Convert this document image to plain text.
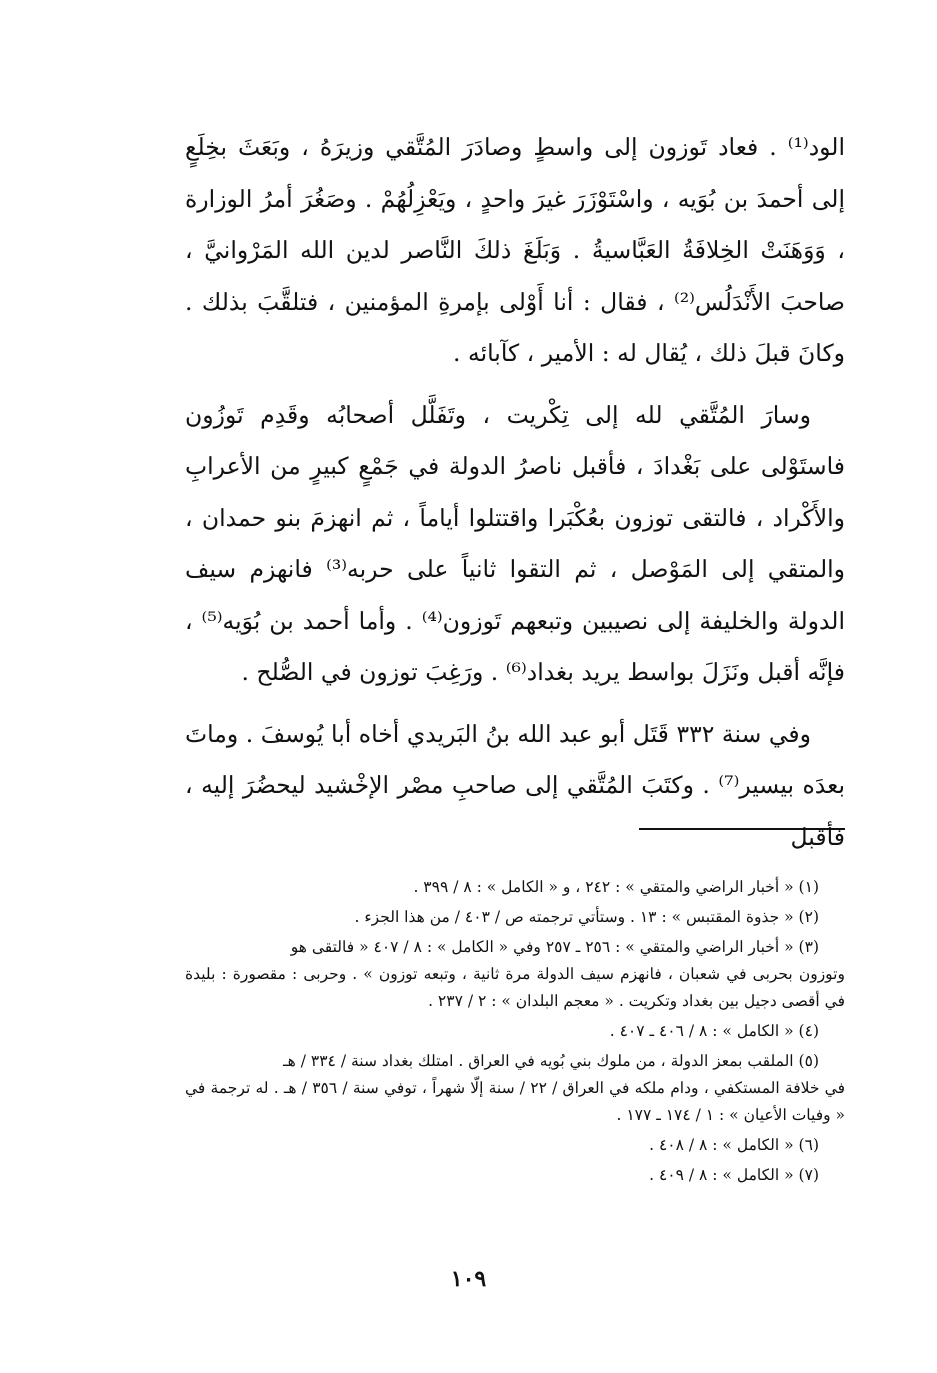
الود⁽¹⁾ . فعاد تَوزون إلى واسطٍ وصادَرَ المُتَّقي وزيرَهُ ، وبَعَثَ بخِلَعٍ إلى أحمدَ بن بُوَيه ، واسْتَوْزَرَ غيرَ واحدٍ ، ويَعْزِلُهُمْ . وصَغُرَ أمرُ الوزارة ، وَوَهَنَتْ الخِلافَةُ العَبَّاسيةُ . وَبَلَغَ ذلكَ النَّاصر لدين الله المَرْوانيَّ ، صاحبَ الأَنْدَلُس⁽²⁾ ، فقال : أنا أَوْلى بإمرةِ المؤمنين ، فتلقَّبَ بذلك . وكانَ قبلَ ذلك ، يُقال له : الأمير ، كآبائه .

وسارَ المُتَّقي لله إلى تِكْريت ، وتَفَلَّل أصحابُه وقَدِم تَوزُون فاستَوْلى على بَغْدادَ ، فأقبل ناصرُ الدولة في جَمْعٍ كبيرٍ من الأعرابِ والأَكْراد ، فالتقى توزون بعُكْبَرا واقتتلوا أياماً ، ثم انهزمَ بنو حمدان ، والمتقي إلى المَوْصل ، ثم التقوا ثانياً على حربه⁽³⁾ فانهزم سيف الدولة والخليفة إلى نصيبين وتبعهم تَوزون⁽⁴⁾ . وأما أحمد بن بُوَيه⁽⁵⁾ ، فإنَّه أقبل ونَزَلَ بواسط يريد بغداد⁽⁶⁾ . ورَغِبَ توزون في الصُّلح .

وفي سنة ٣٣٢ قَتَل أبو عبد الله بنُ البَريدي أخاه أبا يُوسفَ . وماتَ بعدَه بيسير⁽⁷⁾ . وكتَبَ المُتَّقي إلى صاحبِ مصْر الإخْشيد ليحضُرَ إليه ، فأقبل

(١) « أخبار الراضي والمتقي » : ٢٤٢ ، و « الكامل » : ٨ / ٣٩٩ .
(٢) « جذوة المقتبس » : ١٣ . وستأتي ترجمته ص / ٤٠٣ / من هذا الجزء .
(٣) « أخبار الراضي والمتقي » : ٢٥٦ ـ ٢٥٧ وفي « الكامل » : ٨ / ٤٠٧ « فالتقى هو
وتوزون بحربى في شعبان ، فانهزم سيف الدولة مرة ثانية ، وتبعه توزون » . وحربى : مقصورة : بليدة في أقصى دجيل بين بغداد وتكريت . « معجم البلدان » : ٢ / ٢٣٧ .
(٤) « الكامل » : ٨ / ٤٠٦ ـ ٤٠٧ .
(٥) الملقب بمعز الدولة ، من ملوك بني بُويه في العراق . امتلك بغداد سنة / ٣٣٤ / هـ
في خلافة المستكفي ، ودام ملكه في العراق / ٢٢ / سنة إلّا شهراً ، توفي سنة / ٣٥٦ / هـ . له ترجمة في « وفيات الأعيان » : ١ / ١٧٤ ـ ١٧٧ .
(٦) « الكامل » : ٨ / ٤٠٨ .
(٧) « الكامل » : ٨ / ٤٠٩ .
١٠٩
